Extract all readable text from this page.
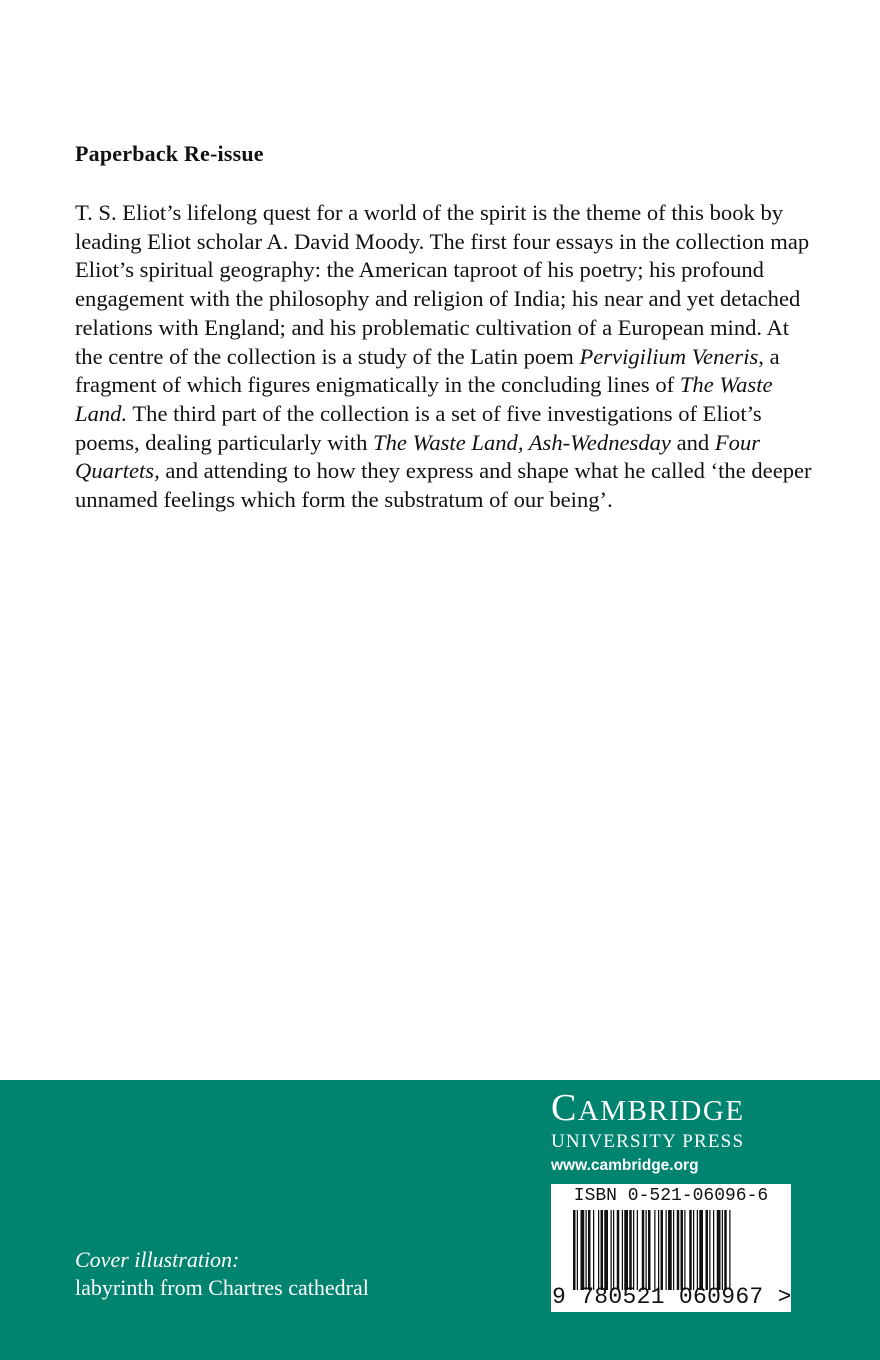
Paperback Re-issue

T. S. Eliot’s lifelong quest for a world of the spirit is the theme of this book by leading Eliot scholar A. David Moody. The first four essays in the collection map Eliot’s spiritual geography: the American taproot of his poetry; his profound engagement with the philosophy and religion of India; his near and yet detached relations with England; and his problematic cultivation of a European mind. At the centre of the collection is a study of the Latin poem Pervigilium Veneris, a fragment of which figures enigmatically in the concluding lines of The Waste Land. The third part of the collection is a set of five investigations of Eliot’s poems, dealing particularly with The Waste Land, Ash-Wednesday and Four Quartets, and attending to how they express and shape what he called ‘the deeper unnamed feelings which form the substratum of our being’.

Cover illustration:
labyrinth from Chartres cathedral
CAMBRIDGE
UNIVERSITY PRESS
www.cambridge.org
ISBN 0-521-06096-6
9 780521 060967 >
